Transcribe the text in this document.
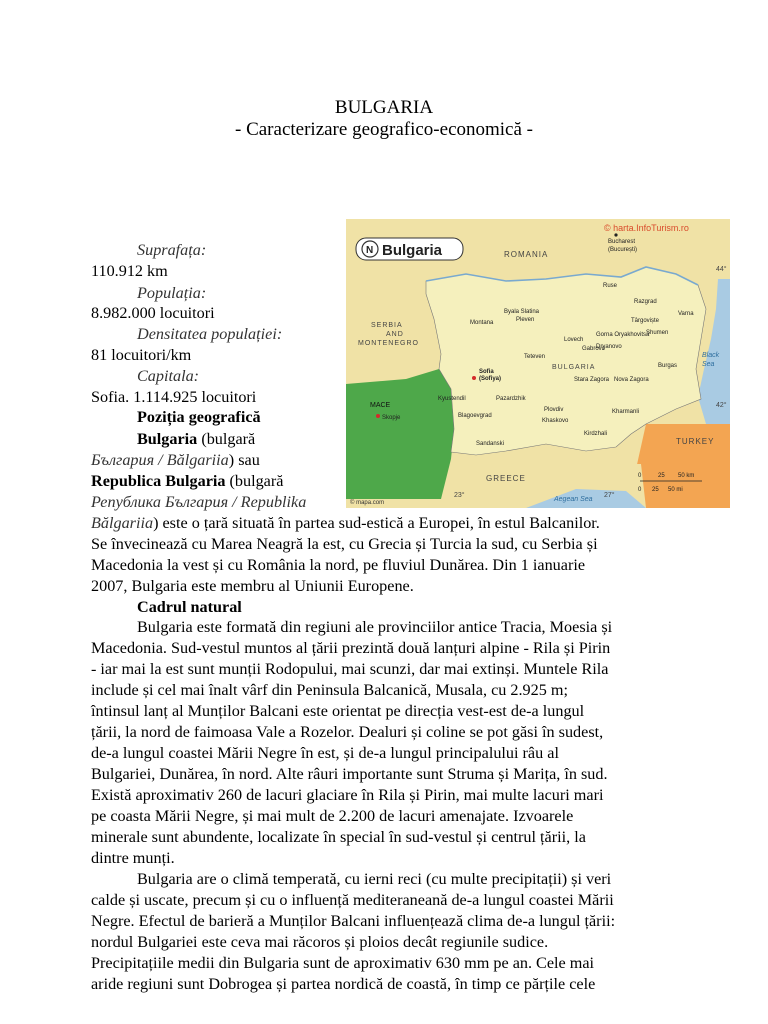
BULGARIA
- Caracterizare geografico-economică -
Suprafața:
110.912 km
Populația:
8.982.000 locuitori
Densitatea populației:
81 locuitori/km
Capitala:
Sofia. 1.114.925 locuitori
Poziția geografică
Bulgaria (bulgară
България / Bălgariia) sau
Republica Bulgaria (bulgară
Република България / Republika
Bălgariia) este o țară situată în partea sud-estică a Europei, în estul Balcanilor.
Se învecinează cu Marea Neagră la est, cu Grecia și Turcia la sud, cu Serbia și
Macedonia la vest și cu România la nord, pe fluviul Dunărea. Din 1 ianuarie
2007, Bulgaria este membru al Uniunii Europene.
Cadrul natural
Bulgaria este formată din regiuni ale provinciilor antice Tracia, Moesia și
Macedonia. Sud-vestul muntos al țării prezintă două lanțuri alpine - Rila și Pirin
- iar mai la est sunt munții Rodopului, mai scunzi, dar mai extinși. Muntele Rila
include și cel mai înalt vârf din Peninsula Balcanică, Musala, cu 2.925 m;
întinsul lanț al Munților Balcani este orientat pe direcția vest-est de-a lungul
țării, la nord de faimoasa Vale a Rozelor. Dealuri și coline se pot găsi în sudest,
de-a lungul coastei Mării Negre în est, și de-a lungul principalului râu al
Bulgariei, Dunărea, în nord. Alte râuri importante sunt Struma și Marița, în sud.
Există aproximativ 260 de lacuri glaciare în Rila și Pirin, mai multe lacuri mari
pe coasta Mării Negre, și mai mult de 2.200 de lacuri amenajate. Izvoarele
minerale sunt abundente, localizate în special în sud-vestul și centrul țării, la
dintre munți.
Bulgaria are o climă temperată, cu ierni reci (cu multe precipitații) și veri
calde și uscate, precum și cu o influență mediteraneană de-a lungul coastei Mării
Negre. Efectul de barieră a Munților Balcani influențează clima de-a lungul țării:
nordul Bulgariei este ceva mai răcoros și ploios decât regiunile sudice.
Precipitațiile medii din Bulgaria sunt de aproximativ 630 mm pe an. Cele mai
aride regiuni sunt Dobrogea și partea nordică de coastă, în timp ce părțile cele
N Bulgaria
© harta.InfoTurism.ro
ROMANIA
SERBIA
AND
MONTENEGRO
BULGARIA
MACE
TURKEY
GREECE
Black
Sea
Aegean Sea
Bucharest
(București)
Ruse
Razgrad
Târgoviște
Varna
Shumen
Byala Slatina
Pleven
Montana
Gorna Oryakhovitsa
Lovech
Gabrovo
Dryanovo
Sofia
(Sofiya)
Teteven
Burgas
Stara Zagora Nova Zagora
Kyustendil	Pazardzhik
Plovdiv
Khaskovo
Kharmanli
Blagoevgrad
Kirdzhali
Sandanski
Skopje
23°	27°
44°
42°
0	25 50 km
0 25 50 mi
© mapa.com
